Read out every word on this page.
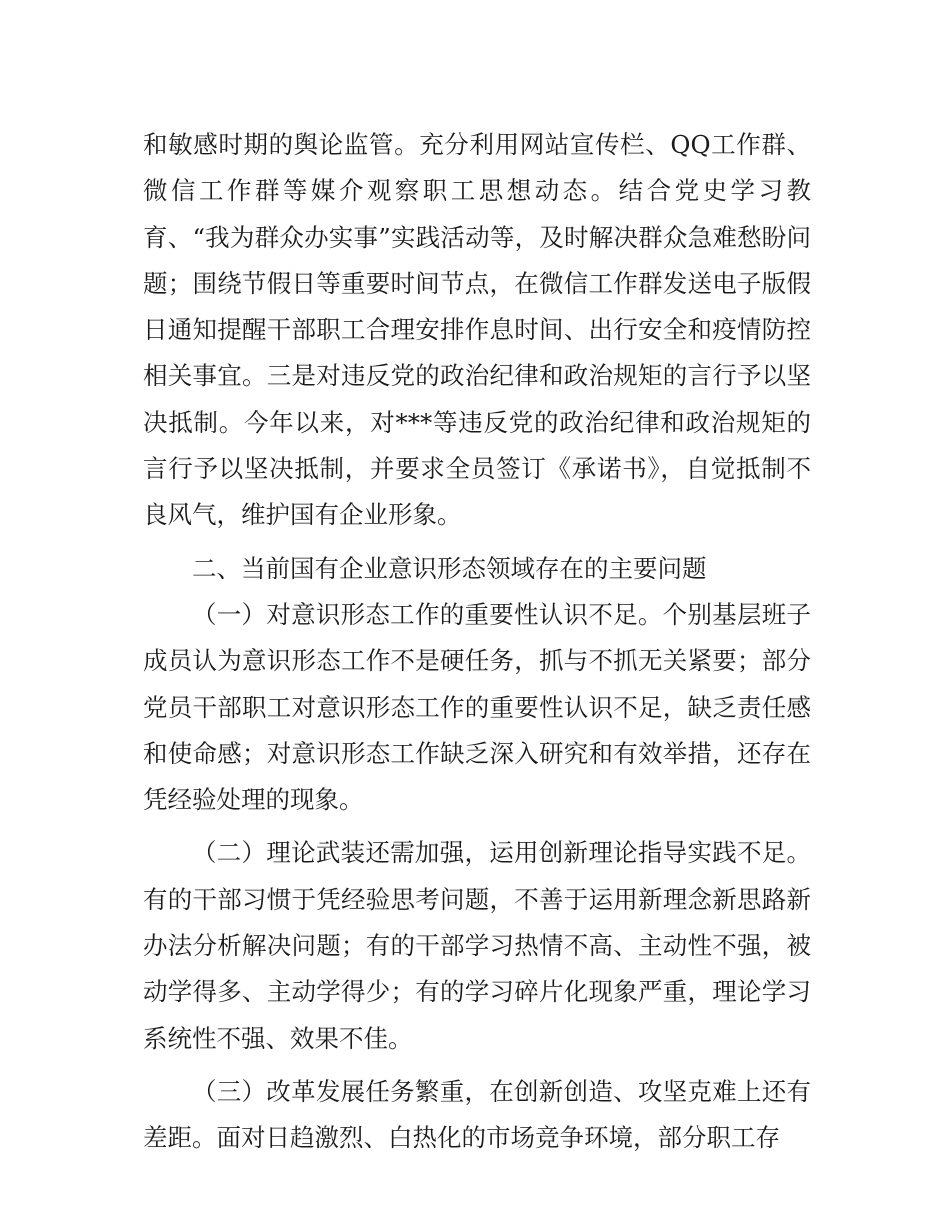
和敏感时期的舆论监管。充分利用网站宣传栏、QQ工作群、微信工作群等媒介观察职工思想动态。结合党史学习教育、“我为群众办实事”实践活动等，及时解决群众急难愁盼问题；围绕节假日等重要时间节点，在微信工作群发送电子版假日通知提醒干部职工合理安排作息时间、出行安全和疫情防控相关事宜。三是对违反党的政治纪律和政治规矩的言行予以坚决抵制。今年以来，对***等违反党的政治纪律和政治规矩的言行予以坚决抵制，并要求全员签订《承诺书》，自觉抵制不良风气，维护国有企业形象。

二、当前国有企业意识形态领域存在的主要问题

（一）对意识形态工作的重要性认识不足。个别基层班子成员认为意识形态工作不是硬任务，抓与不抓无关紧要；部分党员干部职工对意识形态工作的重要性认识不足，缺乏责任感和使命感；对意识形态工作缺乏深入研究和有效举措，还存在凭经验处理的现象。

（二）理论武装还需加强，运用创新理论指导实践不足。有的干部习惯于凭经验思考问题，不善于运用新理念新思路新办法分析解决问题；有的干部学习热情不高、主动性不强，被动学得多、主动学得少；有的学习碎片化现象严重，理论学习系统性不强、效果不佳。

（三）改革发展任务繁重，在创新创造、攻坚克难上还有差距。面对日趋激烈、白热化的市场竞争环境，部分职工存
